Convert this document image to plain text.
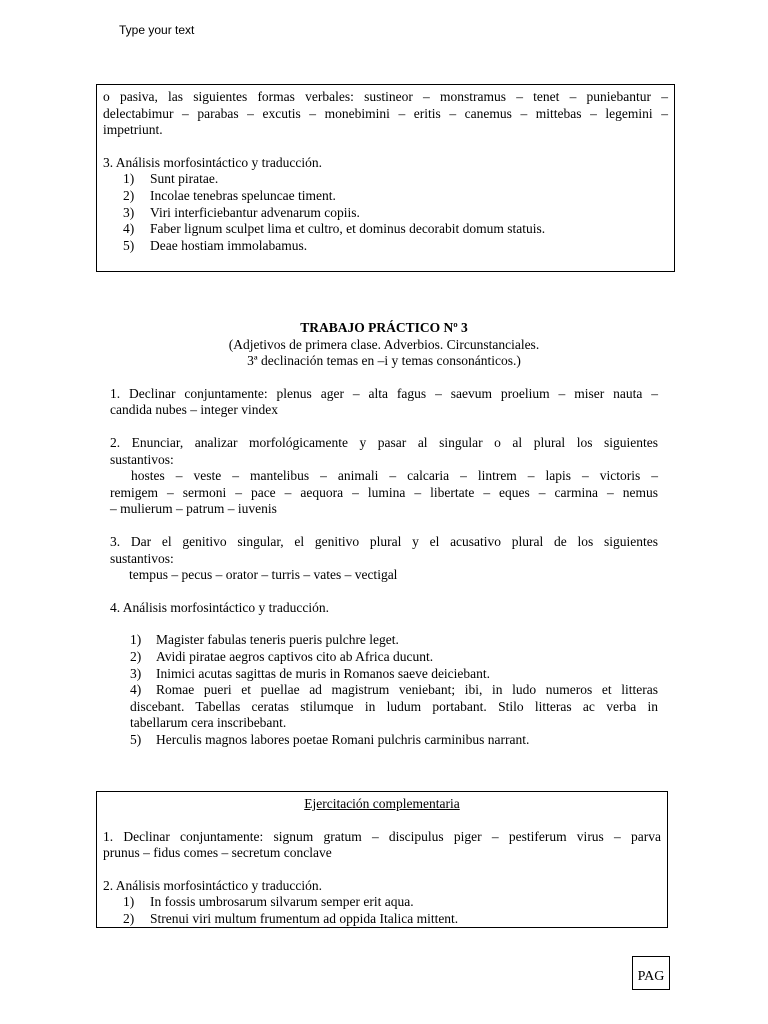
Type your text

o pasiva, las siguientes formas verbales: sustineor – monstramus – tenet – puniebantur –

delectabimur – parabas – excutis – monebimini – eritis – canemus – mittebas – legemini –

impetriunt.

3. Análisis morfosintáctico y traducción.

1)	Sunt piratae.
2)	Incolae tenebras speluncae timent.
3)	Viri interficiebantur advenarum copiis.
4)	Faber lignum sculpet lima et cultro, et dominus decorabit domum statuis.
5)	Deae hostiam immolabamus.

TRABAJO PRÁCTICO Nº 3

(Adjetivos de primera clase. Adverbios. Circunstanciales.

3ª declinación temas en –i y temas consonánticos.)

1. Declinar conjuntamente: plenus ager – alta fagus – saevum proelium – miser nauta –

candida nubes – integer vindex

2. Enunciar, analizar morfológicamente y pasar al singular o al plural los siguientes

sustantivos:

hostes – veste – mantelibus – animali – calcaria – lintrem – lapis – victoris –

remigem – sermoni – pace – aequora – lumina – libertate – eques – carmina – nemus

– mulierum – patrum – iuvenis

3. Dar el genitivo singular, el genitivo plural y el acusativo plural de los siguientes

sustantivos:

tempus – pecus – orator – turris – vates – vectigal

4. Análisis morfosintáctico y traducción.

1)	Magister fabulas teneris pueris pulchre leget.
2)	Avidi piratae aegros captivos cito ab Africa ducunt.
3)	Inimici acutas sagittas de muris in Romanos saeve deiciebant.
4)	Romae pueri et puellae ad magistrum veniebant; ibi, in ludo numeros et litteras

discebant. Tabellas ceratas stilumque in ludum portabant. Stilo litteras ac verba in

tabellarum cera inscribebant.

5)	Herculis magnos labores poetae Romani pulchris carminibus narrant.

Ejercitación complementaria

1. Declinar conjuntamente: signum gratum – discipulus piger – pestiferum virus – parva

prunus – fidus comes – secretum conclave

2. Análisis morfosintáctico y traducción.

1)	In fossis umbrosarum silvarum semper erit aqua.
2)	Strenui viri multum frumentum ad oppida Italica mittent.
PAG
